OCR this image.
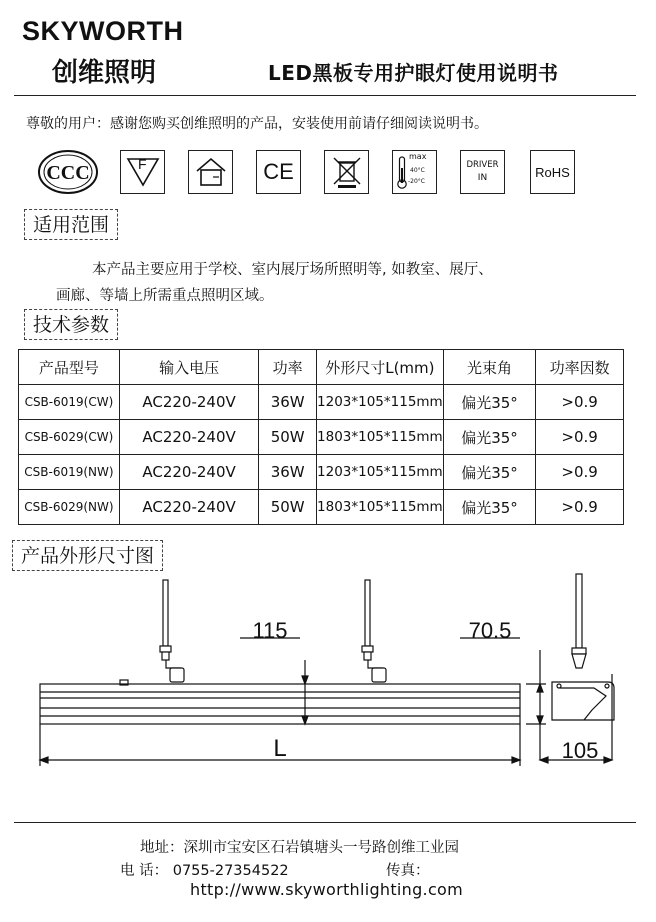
SKYWORTH
创维照明	LED黑板专用护眼灯使用说明书
尊敬的用户：感谢您购买创维照明的产品，安装使用前请仔细阅读说明书。
CCC	F	CE
max
40°C
-20°C
DRIVER
IN	RoHS
适用范围
本产品主要应用于学校、室内展厅场所照明等, 如教室、展厅、
画廊、等墙上所需重点照明区域。
技术参数
产品型号	输入电压	功率	外形尺寸L(mm)	光束角	功率因数
CSB-6019(CW)	AC220-240V	36W	1203*105*115mm	偏光35°	>0.9
CSB-6029(CW)	AC220-240V	50W	1803*105*115mm	偏光35°	>0.9
CSB-6019(NW)	AC220-240V	36W	1203*105*115mm	偏光35°	>0.9
CSB-6029(NW)	AC220-240V	50W	1803*105*115mm	偏光35°	>0.9
产品外形尺寸图
115
L
70.5
105
地址：深圳市宝安区石岩镇塘头一号路创维工业园
电 话： 0755-27354522	传真：
http://www.skyworthlighting.com
